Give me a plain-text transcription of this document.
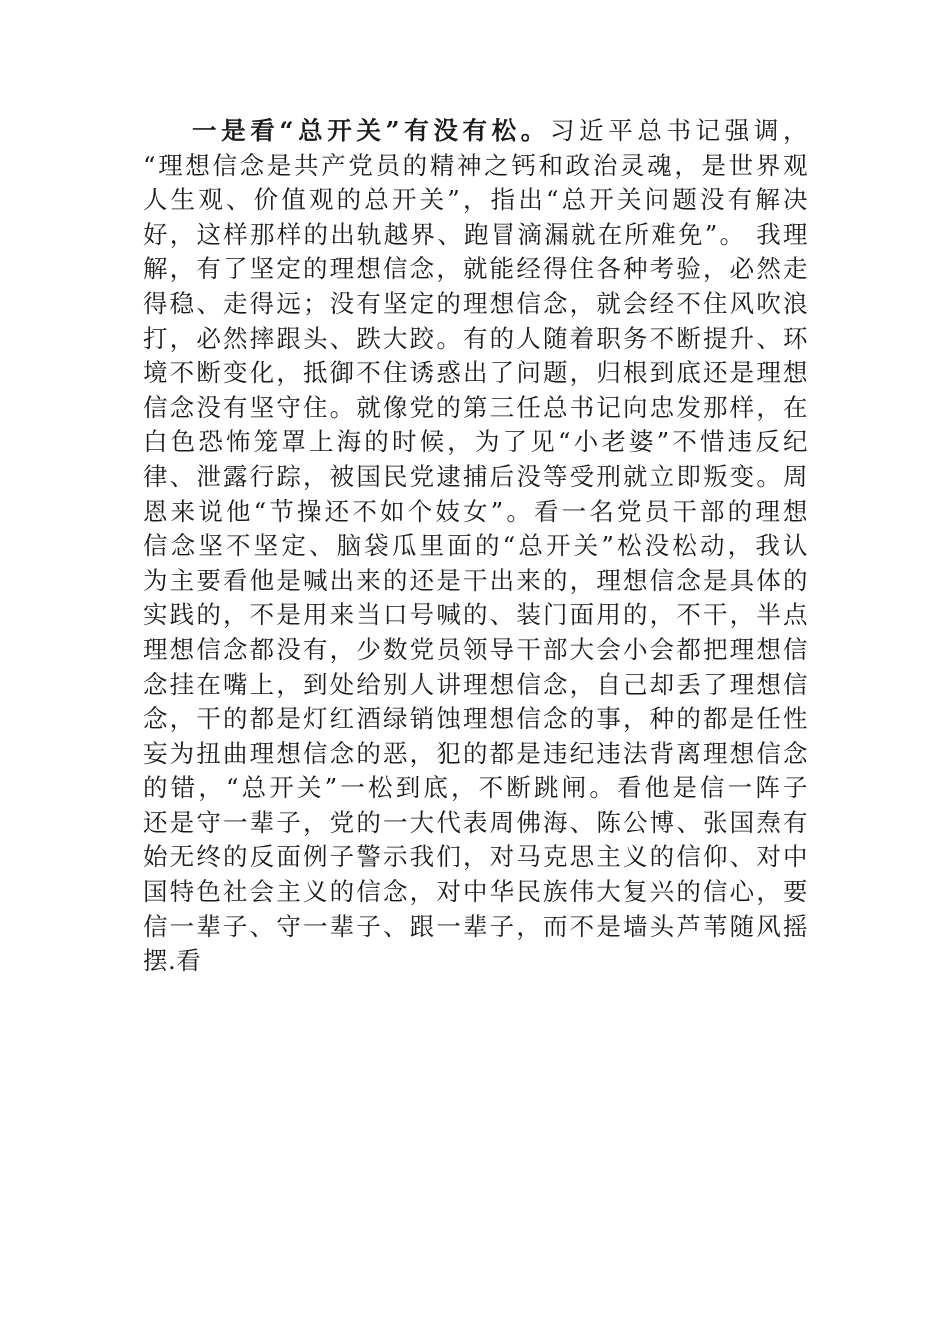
一是看“总开关”有没有松。习近平总书记强调，
“理想信念是共产党员的精神之钙和政治灵魂，是世界观
人生观、价值观的总开关”，指出“总开关问题没有解决
好，这样那样的出轨越界、跑冒滴漏就在所难免”。 我理
解，有了坚定的理想信念，就能经得住各种考验，必然走
得稳、走得远；没有坚定的理想信念，就会经不住风吹浪
打，必然摔跟头、跌大跤。有的人随着职务不断提升、环
境不断变化，抵御不住诱惑出了问题，归根到底还是理想
信念没有坚守住。就像党的第三任总书记向忠发那样，在
白色恐怖笼罩上海的时候，为了见“小老婆”不惜违反纪
律、泄露行踪，被国民党逮捕后没等受刑就立即叛变。周
恩来说他“节操还不如个妓女”。看一名党员干部的理想
信念坚不坚定、脑袋瓜里面的“总开关”松没松动，我认
为主要看他是喊出来的还是干出来的，理想信念是具体的
实践的，不是用来当口号喊的、装门面用的，不干，半点
理想信念都没有，少数党员领导干部大会小会都把理想信
念挂在嘴上，到处给别人讲理想信念，自己却丢了理想信
念，干的都是灯红酒绿销蚀理想信念的事，种的都是任性
妄为扭曲理想信念的恶，犯的都是违纪违法背离理想信念
的错，“总开关”一松到底，不断跳闸。看他是信一阵子
还是守一辈子，党的一大代表周佛海、陈公博、张国焘有
始无终的反面例子警示我们，对马克思主义的信仰、对中
国特色社会主义的信念，对中华民族伟大复兴的信心，要
信一辈子、守一辈子、跟一辈子，而不是墙头芦苇随风摇
摆.看
